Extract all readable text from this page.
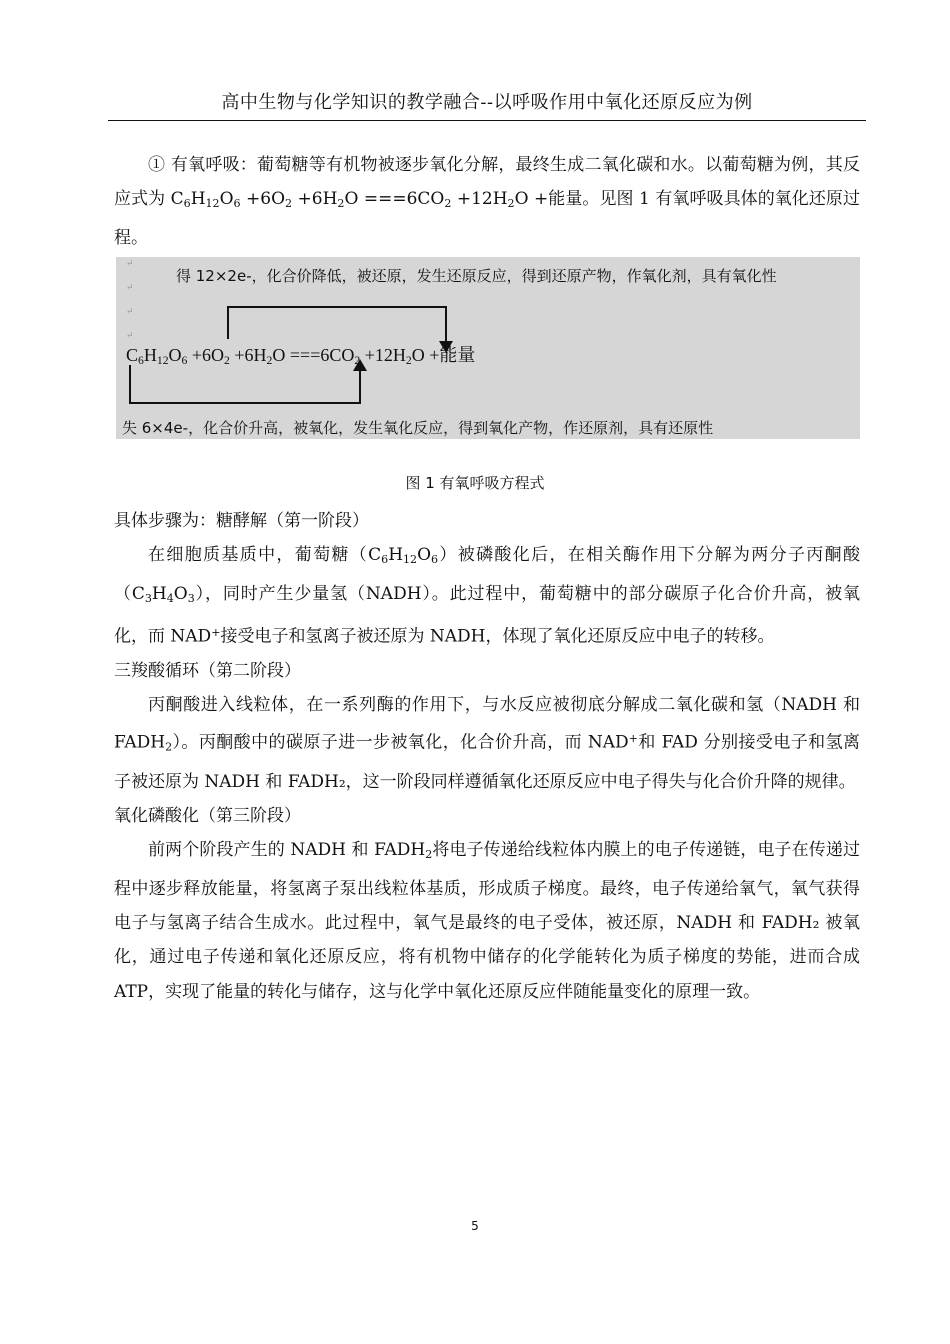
高中生物与化学知识的教学融合--以呼吸作用中氧化还原反应为例

① 有氧呼吸：葡萄糖等有机物被逐步氧化分解，最终生成二氧化碳和水。以葡萄糖为例，其反应式为 $C_6H_{12}O_6 +6O_2 +6H_2O ===6CO_2 +12H_2O$ +能量。见图 1 有氧呼吸具体的氧化还原过程。

↵
↵
↵
↵
得 12×2e-，化合价降低，被还原，发生还原反应，得到还原产物，作氧化剂，具有氧化性
$C_6H_{12}O_6 +6O_2 +6H_2O ===6CO_2 +12H_2O$ +能量
失 6×4e-，化合价升高，被氧化，发生氧化反应，得到氧化产物，作还原剂，具有还原性
图 1 有氧呼吸方程式

具体步骤为：糖酵解（第一阶段）

在细胞质基质中，葡萄糖$(C_6H_{12}O_6)$被磷酸化后，在相关酶作用下分解为两分子丙酮酸$(C_3H_4O_3)$，同时产生少量氢（NADH）。此过程中，葡萄糖中的部分碳原子化合价升高，被氧化，而 NAD+接受电子和氢离子被还原为 NADH，体现了氧化还原反应中电子的转移。

三羧酸循环（第二阶段）

丙酮酸进入线粒体，在一系列酶的作用下，与水反应被彻底分解成二氧化碳和氢（NADH 和 $FADH_2$）。丙酮酸中的碳原子进一步被氧化，化合价升高，而 NAD+和 FAD 分别接受电子和氢离子被还原为 NADH 和 FADH₂，这一阶段同样遵循氧化还原反应中电子得失与化合价升降的规律。

氧化磷酸化（第三阶段）

前两个阶段产生的 NADH 和 $FADH_2$将电子传递给线粒体内膜上的电子传递链，电子在传递过程中逐步释放能量，将氢离子泵出线粒体基质，形成质子梯度。最终，电子传递给氧气，氧气获得电子与氢离子结合生成水。此过程中，氧气是最终的电子受体，被还原，NADH 和 FADH₂ 被氧化，通过电子传递和氧化还原反应，将有机物中储存的化学能转化为质子梯度的势能，进而合成 ATP，实现了能量的转化与储存，这与化学中氧化还原反应伴随能量变化的原理一致。

5
